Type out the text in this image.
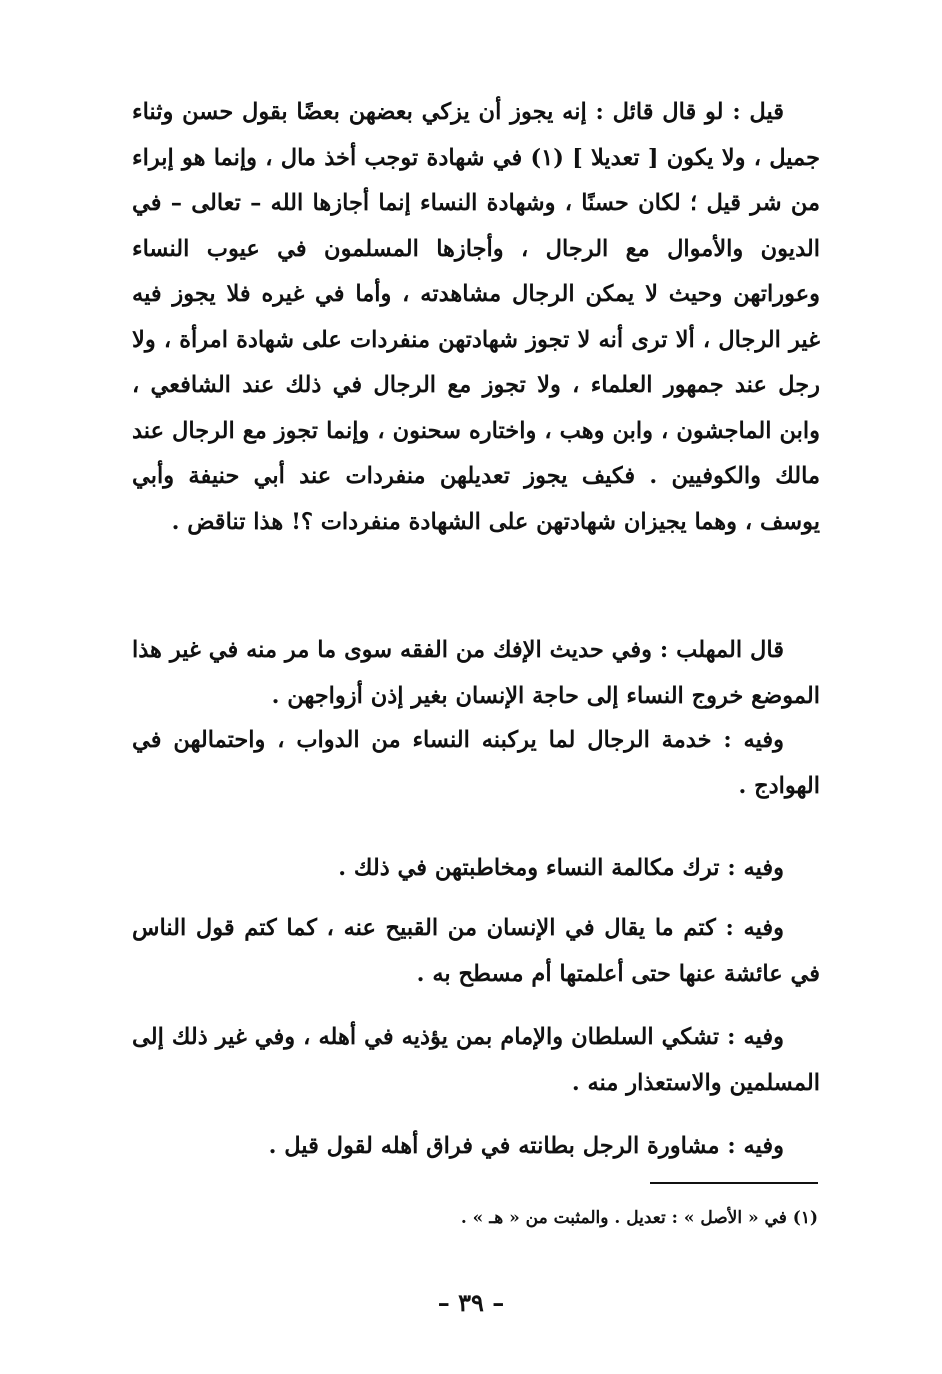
قيل : لو قال قائل : إنه يجوز أن يزكي بعضهن بعضًا بقول حسن وثناء جميل ، ولا يكون [ تعديلا ] (١) في شهادة توجب أخذ مال ، وإنما هو إبراء من شر قيل ؛ لكان حسنًا ، وشهادة النساء إنما أجازها الله – تعالى – في الديون والأموال مع الرجال ، وأجازها المسلمون في عيوب النساء وعوراتهن وحيث لا يمكن الرجال مشاهدته ، وأما في غيره فلا يجوز فيه غير الرجال ، ألا ترى أنه لا تجوز شهادتهن منفردات على شهادة امرأة ، ولا رجل عند جمهور العلماء ، ولا تجوز مع الرجال في ذلك عند الشافعي ، وابن الماجشون ، وابن وهب ، واختاره سحنون ، وإنما تجوز مع الرجال عند مالك والكوفيين . فكيف يجوز تعديلهن منفردات عند أبي حنيفة وأبي يوسف ، وهما يجيزان شهادتهن على الشهادة منفردات ؟! هذا تناقض .

قال المهلب : وفي حديث الإفك من الفقه سوى ما مر منه في غير هذا الموضع خروج النساء إلى حاجة الإنسان بغير إذن أزواجهن .

وفيه : خدمة الرجال لما يركبنه النساء من الدواب ، واحتمالهن في الهوادج .

وفيه : ترك مكالمة النساء ومخاطبتهن في ذلك .

وفيه : كتم ما يقال في الإنسان من القبيح عنه ، كما كتم قول الناس في عائشة عنها حتى أعلمتها أم مسطح به .

وفيه : تشكي السلطان والإمام بمن يؤذيه في أهله ، وفي غير ذلك إلى المسلمين والاستعذار منه .

وفيه : مشاورة الرجل بطانته في فراق أهله لقول قيل .

(١) في « الأصل » : تعديل . والمثبت من « هـ » .

– ٣٩ –
